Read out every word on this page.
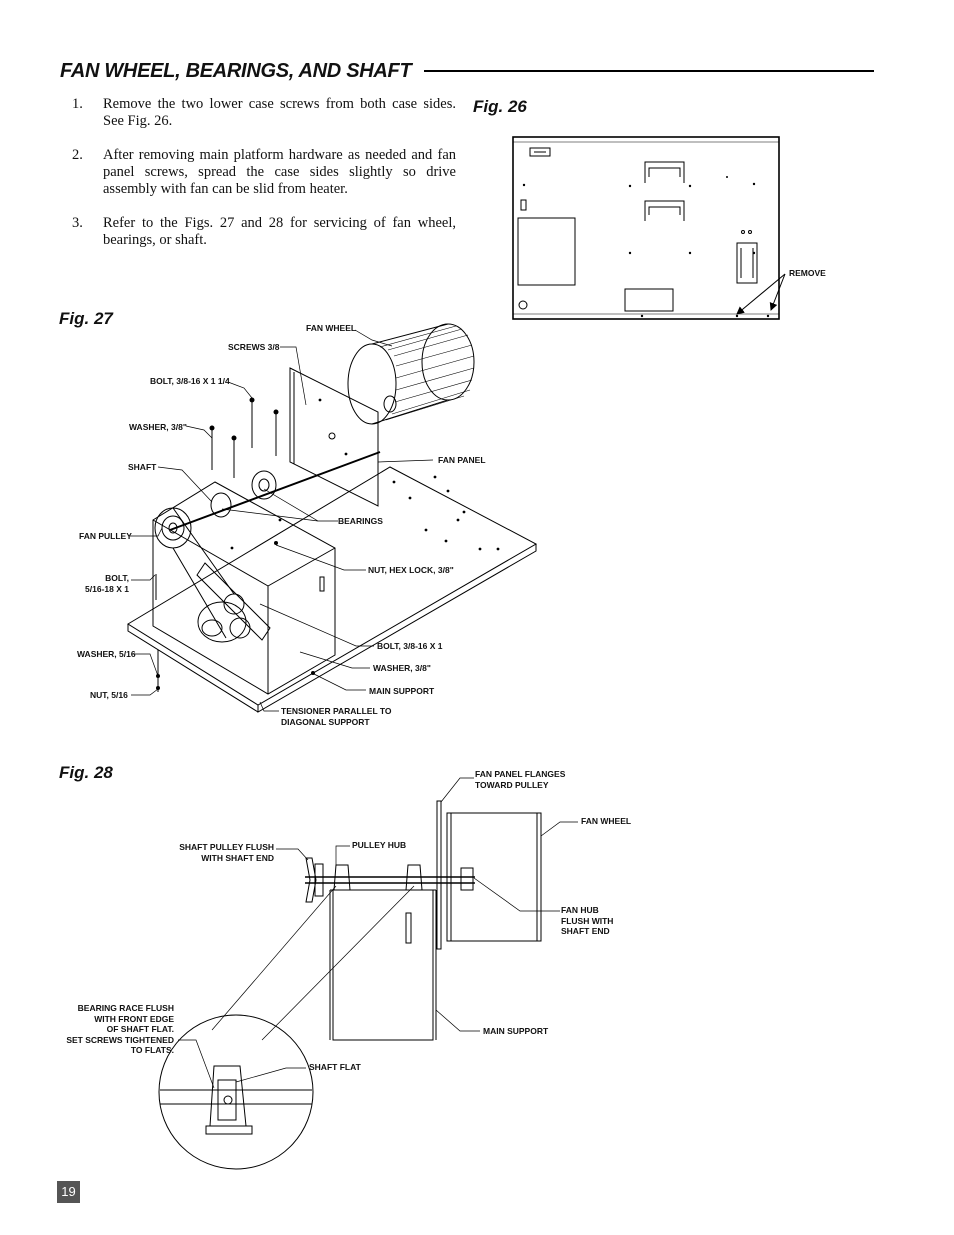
FAN WHEEL, BEARINGS, AND SHAFT
1. Remove the two lower case screws from both case sides. See Fig. 26.
2. After removing main platform hardware as needed and fan panel screws, spread the case sides slightly so drive assembly with fan can be slid from heater.
3. Refer to the Figs. 27 and 28 for servicing of fan wheel, bearings, or shaft.
Fig. 26
Fig. 27
Fig. 28
REMOVE
FAN WHEEL
SCREWS 3/8
BOLT, 3/8-16 X 1 1/4
WASHER, 3/8"
SHAFT
FAN PANEL
BEARINGS
FAN PULLEY
BOLT,
5/16-18 X 1
NUT, HEX LOCK, 3/8"
BOLT, 3/8-16 X 1
WASHER, 5/16
WASHER, 3/8"
MAIN SUPPORT
NUT, 5/16
TENSIONER PARALLEL TO
DIAGONAL SUPPORT
FAN PANEL FLANGES
TOWARD PULLEY
FAN WHEEL
SHAFT PULLEY FLUSH
WITH SHAFT END
PULLEY HUB
FAN HUB
FLUSH WITH
SHAFT END
BEARING RACE FLUSH
WITH FRONT EDGE
OF SHAFT FLAT.
SET SCREWS TIGHTENED
TO FLATS.
MAIN SUPPORT
SHAFT FLAT
19
